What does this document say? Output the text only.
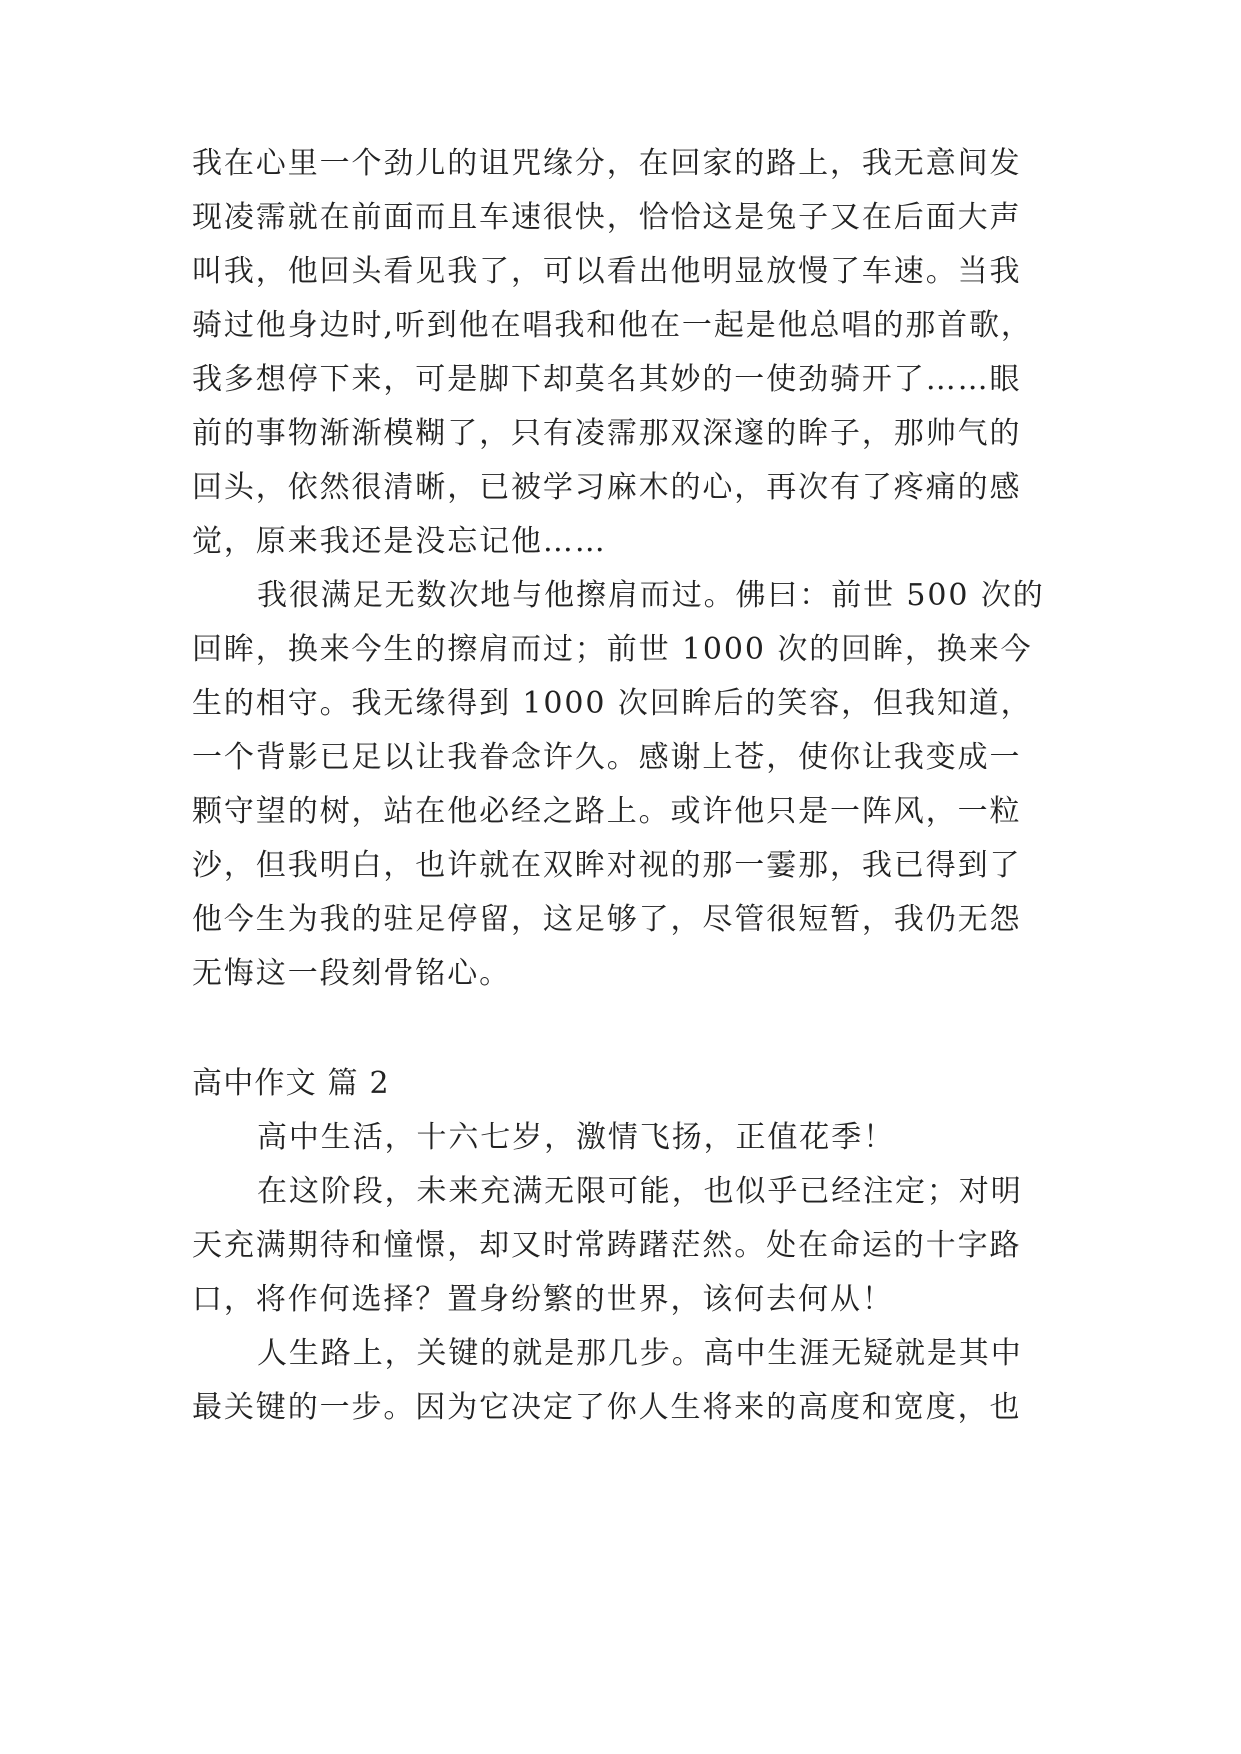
我在心里一个劲儿的诅咒缘分，在回家的路上，我无意间发

现凌霈就在前面而且车速很快，恰恰这是兔子又在后面大声

叫我，他回头看见我了，可以看出他明显放慢了车速。当我

骑过他身边时,听到他在唱我和他在一起是他总唱的那首歌，

我多想停下来，可是脚下却莫名其妙的一使劲骑开了……眼

前的事物渐渐模糊了，只有凌霈那双深邃的眸子，那帅气的

回头，依然很清晰，已被学习麻木的心，再次有了疼痛的感

觉，原来我还是没忘记他……

我很满足无数次地与他擦肩而过。佛曰：前世 500 次的

回眸，换来今生的擦肩而过；前世 1000 次的回眸，换来今

生的相守。我无缘得到 1000 次回眸后的笑容，但我知道，

一个背影已足以让我眷念许久。感谢上苍，使你让我变成一

颗守望的树，站在他必经之路上。或许他只是一阵风，一粒

沙，但我明白，也许就在双眸对视的那一霎那，我已得到了

他今生为我的驻足停留，这足够了，尽管很短暂，我仍无怨

无悔这一段刻骨铭心。

高中作文 篇 2

高中生活，十六七岁，激情飞扬，正值花季！

在这阶段，未来充满无限可能，也似乎已经注定；对明

天充满期待和憧憬，却又时常踌躇茫然。处在命运的十字路

口，将作何选择？置身纷繁的世界，该何去何从！

人生路上，关键的就是那几步。高中生涯无疑就是其中

最关键的一步。因为它决定了你人生将来的高度和宽度，也
